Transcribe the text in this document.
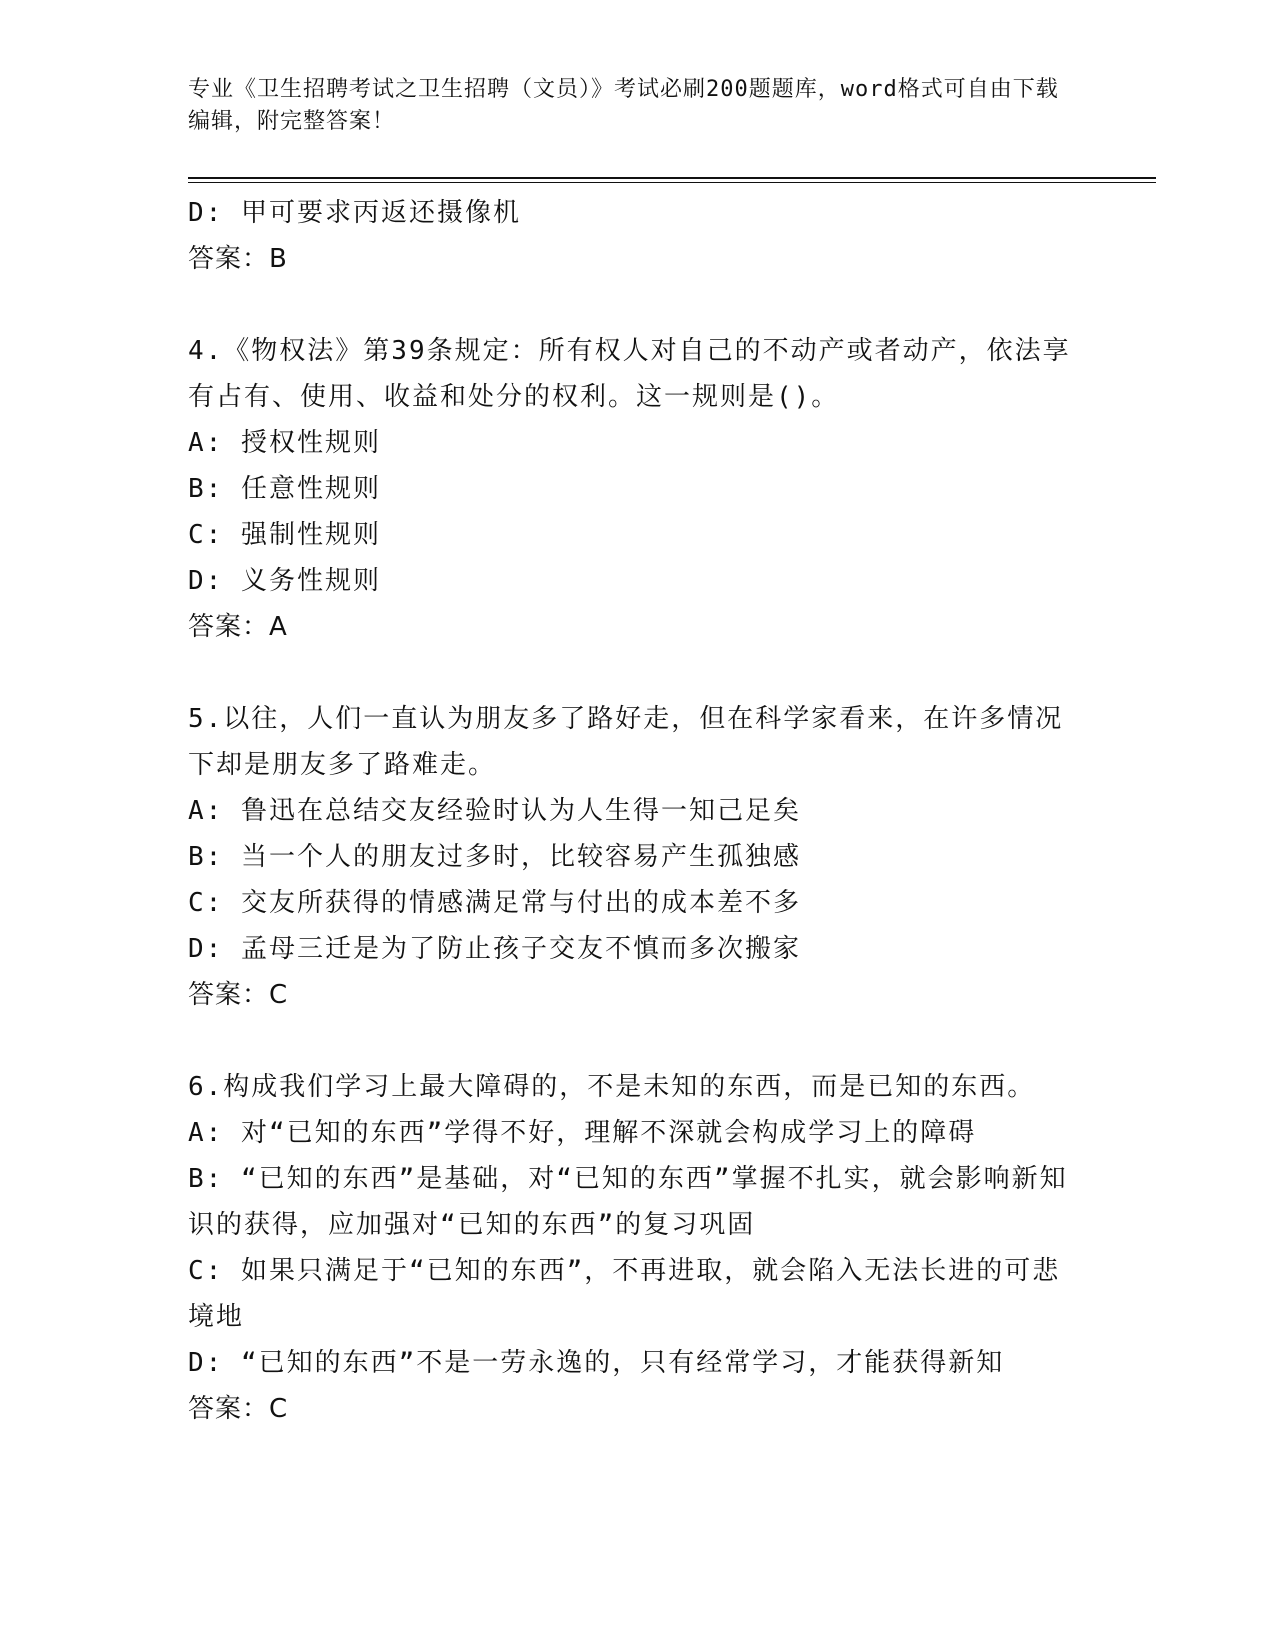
专业《卫生招聘考试之卫生招聘（文员）》考试必刷200题题库，word格式可自由下载编辑，附完整答案！
D: 甲可要求丙返还摄像机
答案：B
4.《物权法》第39条规定：所有权人对自己的不动产或者动产，依法享有占有、使用、收益和处分的权利。这一规则是()。
A: 授权性规则
B: 任意性规则
C: 强制性规则
D: 义务性规则
答案：A
5.以往，人们一直认为朋友多了路好走，但在科学家看来，在许多情况下却是朋友多了路难走。
A: 鲁迅在总结交友经验时认为人生得一知己足矣
B: 当一个人的朋友过多时，比较容易产生孤独感
C: 交友所获得的情感满足常与付出的成本差不多
D: 孟母三迁是为了防止孩子交友不慎而多次搬家
答案：C
6.构成我们学习上最大障碍的，不是未知的东西，而是已知的东西。
A: 对“已知的东西”学得不好，理解不深就会构成学习上的障碍
B: “已知的东西”是基础，对“已知的东西”掌握不扎实，就会影响新知识的获得，应加强对“已知的东西”的复习巩固
C: 如果只满足于“已知的东西”，不再进取，就会陷入无法长进的可悲境地
D: “已知的东西”不是一劳永逸的，只有经常学习，才能获得新知
答案：C
